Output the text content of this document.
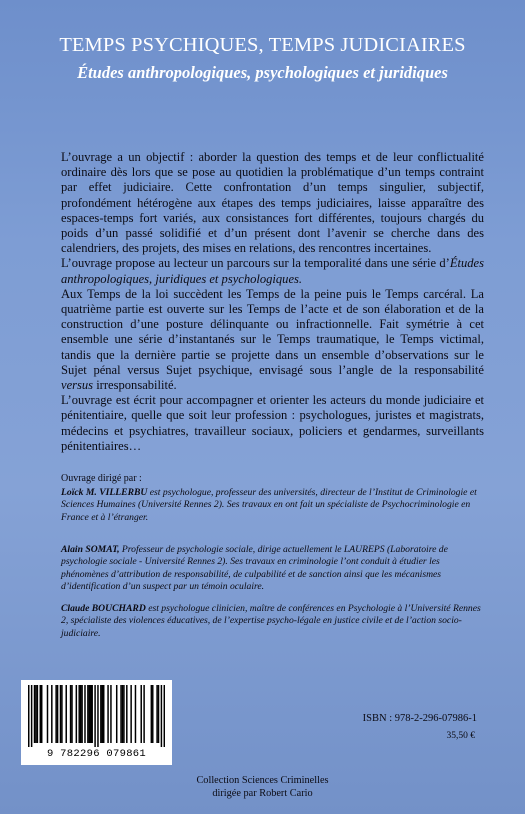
TEMPS PSYCHIQUES, TEMPS JUDICIAIRES
Études anthropologiques, psychologiques et juridiques

L’ouvrage a un objectif : aborder la question des temps et de leur conflictualité ordinaire dès lors que se pose au quotidien la problématique d’un temps contraint par effet judiciaire. Cette confrontation d’un temps singulier, subjectif, profondément hétérogène aux étapes des temps judiciaires, laisse apparaître des espaces-temps fort variés, aux consistances fort différentes, toujours chargés du poids d’un passé solidifié et d’un présent dont l’avenir se cherche dans des calendriers, des projets, des mises en relations, des rencontres incertaines.

L’ouvrage propose au lecteur un parcours sur la temporalité dans une série d’Études anthropologiques, juridiques et psychologiques.

Aux Temps de la loi succèdent les Temps de la peine puis le Temps carcéral. La quatrième partie est ouverte sur les Temps de l’acte et de son élaboration et de la construction d’une posture délinquante ou infractionnelle. Fait symétrie à cet ensemble une série d’instantanés sur le Temps traumatique, le Temps victimal, tandis que la dernière partie se projette dans un ensemble d’observations sur le Sujet pénal versus Sujet psychique, envisagé sous l’angle de la responsabilité versus irresponsabilité.

L’ouvrage est écrit pour accompagner et orienter les acteurs du monde judiciaire et pénitentiaire, quelle que soit leur profession : psychologues, juristes et magistrats, médecins et psychiatres, travailleur sociaux, policiers et gendarmes, surveillants pénitentiaires…

Ouvrage dirigé par :
Loïck M. VILLERBU est psychologue, professeur des universités, directeur de l’Institut de Criminologie et Sciences Humaines (Université Rennes 2). Ses travaux en ont fait un spécialiste de Psychocriminologie en France et à l’étranger.
Alain SOMAT, Professeur de psychologie sociale, dirige actuellement le LAUREPS (Laboratoire de psychologie sociale - Université Rennes 2). Ses travaux en criminologie l’ont conduit à étudier les phénomènes d’attribution de responsabilité, de culpabilité et de sanction ainsi que les mécanismes d’identification d’un suspect par un témoin oculaire.
Claude BOUCHARD est psychologue clinicien, maître de conférences en Psychologie à l’Université Rennes 2, spécialiste des violences éducatives, de l’expertise psycho-légale en justice civile et de l’action socio-judiciaire.
9 782296 079861
ISBN : 978-2-296-07986-1
35,50 €
Collection Sciences Criminelles
dirigée par Robert Cario
